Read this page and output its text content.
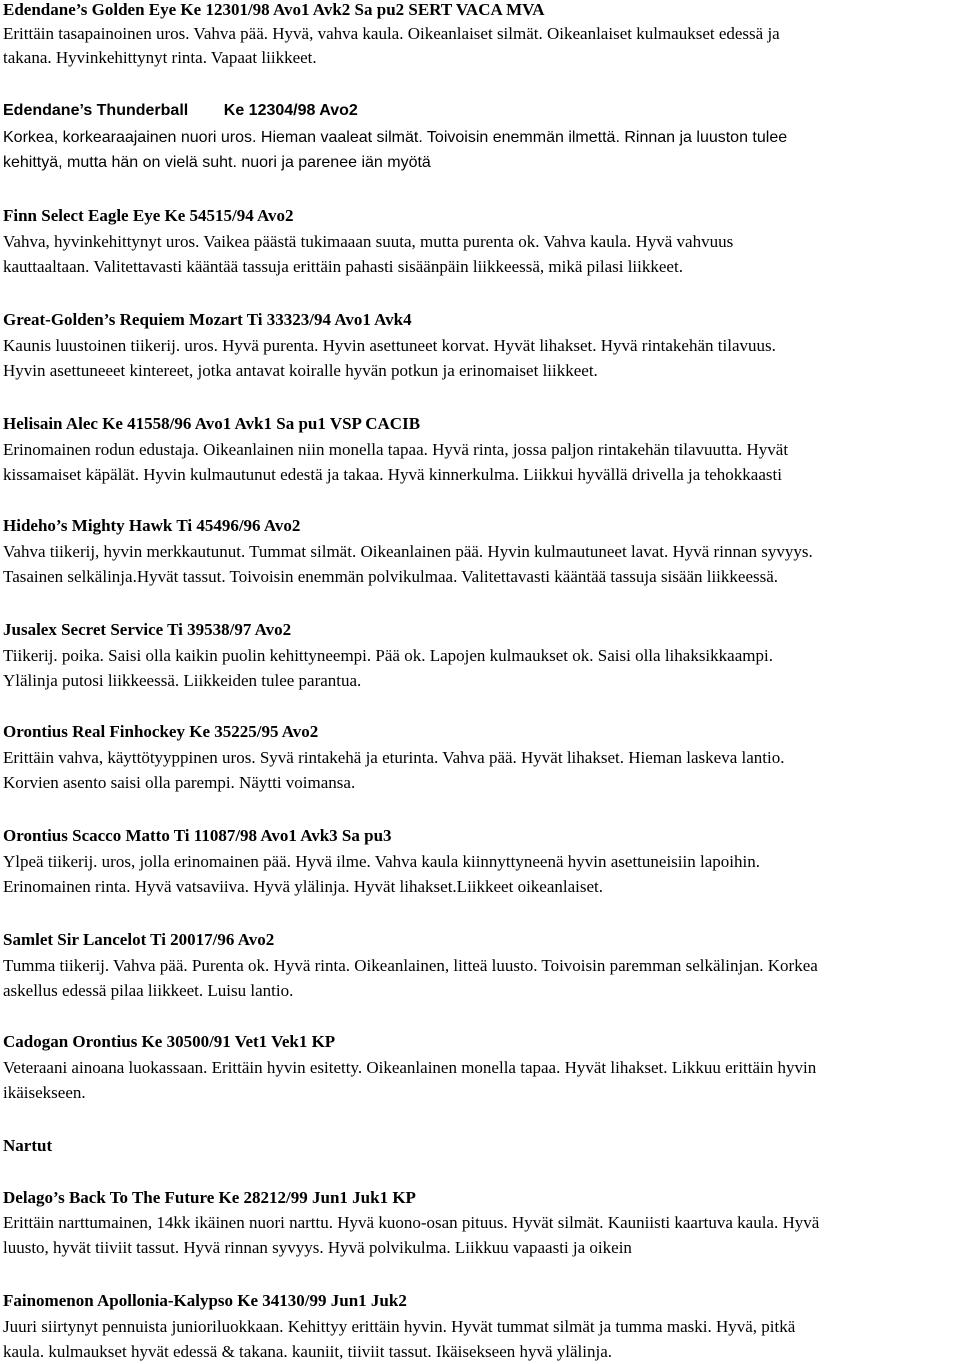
Edendane’s Golden Eye Ke 12301/98 Avo1 Avk2 Sa pu2 SERT VACA MVA
Erittäin tasapainoinen uros. Vahva pää. Hyvä, vahva kaula. Oikeanlaiset silmät. Oikeanlaiset kulmaukset edessä ja
takana. Hyvinkehittynyt rinta. Vapaat liikkeet.
Edendane’s Thunderball        Ke 12304/98 Avo2
Korkea, korkearaajainen nuori uros. Hieman vaaleat silmät. Toivoisin enemmän ilmettä. Rinnan ja luuston tulee
kehittyä, mutta hän on vielä suht. nuori ja parenee iän myötä
Finn Select Eagle Eye Ke 54515/94 Avo2
Vahva, hyvinkehittynyt uros. Vaikea päästä tukimaaan suuta, mutta purenta ok. Vahva kaula. Hyvä vahvuus
kauttaaltaan. Valitettavasti kääntää tassuja erittäin pahasti sisäänpäin liikkeessä, mikä pilasi liikkeet.
Great-Golden’s Requiem Mozart Ti 33323/94 Avo1 Avk4
Kaunis luustoinen tiikerij. uros. Hyvä purenta. Hyvin asettuneet korvat. Hyvät lihakset. Hyvä rintakehän tilavuus.
Hyvin asettuneeet kintereet, jotka antavat koiralle hyvän potkun ja erinomaiset liikkeet.
Helisain Alec Ke 41558/96 Avo1 Avk1 Sa pu1 VSP CACIB
Erinomainen rodun edustaja. Oikeanlainen niin monella tapaa. Hyvä rinta, jossa paljon rintakehän tilavuutta. Hyvät
kissamaiset käpälät. Hyvin kulmautunut edestä ja takaa. Hyvä kinnerkulma. Liikkui hyvällä drivella ja tehokkaasti
Hideho’s Mighty Hawk Ti 45496/96 Avo2
Vahva tiikerij, hyvin merkkautunut. Tummat silmät. Oikeanlainen pää. Hyvin kulmautuneet lavat. Hyvä rinnan syvyys.
Tasainen selkälinja.Hyvät tassut. Toivoisin enemmän polvikulmaa. Valitettavasti kääntää tassuja sisään liikkeessä.
Jusalex Secret Service Ti 39538/97 Avo2
Tiikerij. poika. Saisi olla kaikin puolin kehittyneempi. Pää ok. Lapojen kulmaukset ok. Saisi olla lihaksikkaampi.
Ylälinja putosi liikkeessä. Liikkeiden tulee parantua.
Orontius Real Finhockey Ke 35225/95 Avo2
Erittäin vahva, käyttötyyppinen uros. Syvä rintakehä ja eturinta. Vahva pää. Hyvät lihakset. Hieman laskeva lantio.
Korvien asento saisi olla parempi. Näytti voimansa.
Orontius Scacco Matto Ti 11087/98 Avo1 Avk3 Sa pu3
Ylpeä tiikerij. uros, jolla erinomainen pää. Hyvä ilme. Vahva kaula kiinnyttyneenä hyvin asettuneisiin lapoihin.
Erinomainen rinta. Hyvä vatsaviiva. Hyvä ylälinja. Hyvät lihakset.Liikkeet oikeanlaiset.
Samlet Sir Lancelot Ti 20017/96 Avo2
Tumma tiikerij. Vahva pää. Purenta ok. Hyvä rinta. Oikeanlainen, litteä luusto. Toivoisin paremman selkälinjan. Korkea
askellus edessä pilaa liikkeet. Luisu lantio.
Cadogan Orontius Ke 30500/91 Vet1 Vek1 KP
Veteraani ainoana luokassaan. Erittäin hyvin esitetty. Oikeanlainen monella tapaa. Hyvät lihakset. Likkuu erittäin hyvin
ikäisekseen.
Nartut
Delago’s Back To The Future Ke 28212/99 Jun1 Juk1 KP
Erittäin narttumainen, 14kk ikäinen nuori narttu. Hyvä kuono-osan pituus. Hyvät silmät. Kauniisti kaartuva kaula. Hyvä
luusto, hyvät tiiviit tassut. Hyvä rinnan syvyys. Hyvä polvikulma. Liikkuu vapaasti ja oikein
Fainomenon Apollonia-Kalypso Ke 34130/99 Jun1 Juk2
Juuri siirtynyt pennuista junioriluokkaan. Kehittyy erittäin hyvin. Hyvät tummat silmät ja tumma maski. Hyvä, pitkä
kaula. kulmaukset hyvät edessä & takana. kauniit, tiiviit tassut. Ikäisekseen hyvä ylälinja.
